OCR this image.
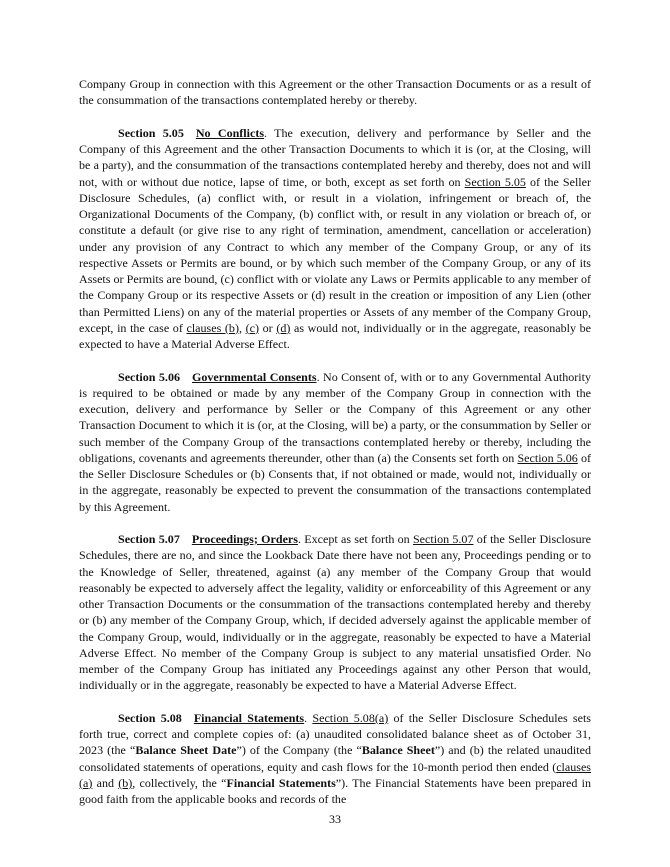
Company Group in connection with this Agreement or the other Transaction Documents or as a result of the consummation of the transactions contemplated hereby or thereby.

Section 5.05 No Conflicts. The execution, delivery and performance by Seller and the Company of this Agreement and the other Transaction Documents to which it is (or, at the Closing, will be a party), and the consummation of the transactions contemplated hereby and thereby, does not and will not, with or without due notice, lapse of time, or both, except as set forth on Section 5.05 of the Seller Disclosure Schedules, (a) conflict with, or result in a violation, infringement or breach of, the Organizational Documents of the Company, (b) conflict with, or result in any violation or breach of, or constitute a default (or give rise to any right of termination, amendment, cancellation or acceleration) under any provision of any Contract to which any member of the Company Group, or any of its respective Assets or Permits are bound, or by which such member of the Company Group, or any of its Assets or Permits are bound, (c) conflict with or violate any Laws or Permits applicable to any member of the Company Group or its respective Assets or (d) result in the creation or imposition of any Lien (other than Permitted Liens) on any of the material properties or Assets of any member of the Company Group, except, in the case of clauses (b), (c) or (d) as would not, individually or in the aggregate, reasonably be expected to have a Material Adverse Effect.

Section 5.06 Governmental Consents. No Consent of, with or to any Governmental Authority is required to be obtained or made by any member of the Company Group in connection with the execution, delivery and performance by Seller or the Company of this Agreement or any other Transaction Document to which it is (or, at the Closing, will be) a party, or the consummation by Seller or such member of the Company Group of the transactions contemplated hereby or thereby, including the obligations, covenants and agreements thereunder, other than (a) the Consents set forth on Section 5.06 of the Seller Disclosure Schedules or (b) Consents that, if not obtained or made, would not, individually or in the aggregate, reasonably be expected to prevent the consummation of the transactions contemplated by this Agreement.

Section 5.07 Proceedings; Orders. Except as set forth on Section 5.07 of the Seller Disclosure Schedules, there are no, and since the Lookback Date there have not been any, Proceedings pending or to the Knowledge of Seller, threatened, against (a) any member of the Company Group that would reasonably be expected to adversely affect the legality, validity or enforceability of this Agreement or any other Transaction Documents or the consummation of the transactions contemplated hereby and thereby or (b) any member of the Company Group, which, if decided adversely against the applicable member of the Company Group, would, individually or in the aggregate, reasonably be expected to have a Material Adverse Effect. No member of the Company Group is subject to any material unsatisfied Order. No member of the Company Group has initiated any Proceedings against any other Person that would, individually or in the aggregate, reasonably be expected to have a Material Adverse Effect.

Section 5.08 Financial Statements. Section 5.08(a) of the Seller Disclosure Schedules sets forth true, correct and complete copies of: (a) unaudited consolidated balance sheet as of October 31, 2023 (the “Balance Sheet Date”) of the Company (the “Balance Sheet”) and (b) the related unaudited consolidated statements of operations, equity and cash flows for the 10-month period then ended (clauses (a) and (b), collectively, the “Financial Statements”). The Financial Statements have been prepared in good faith from the applicable books and records of the

33
